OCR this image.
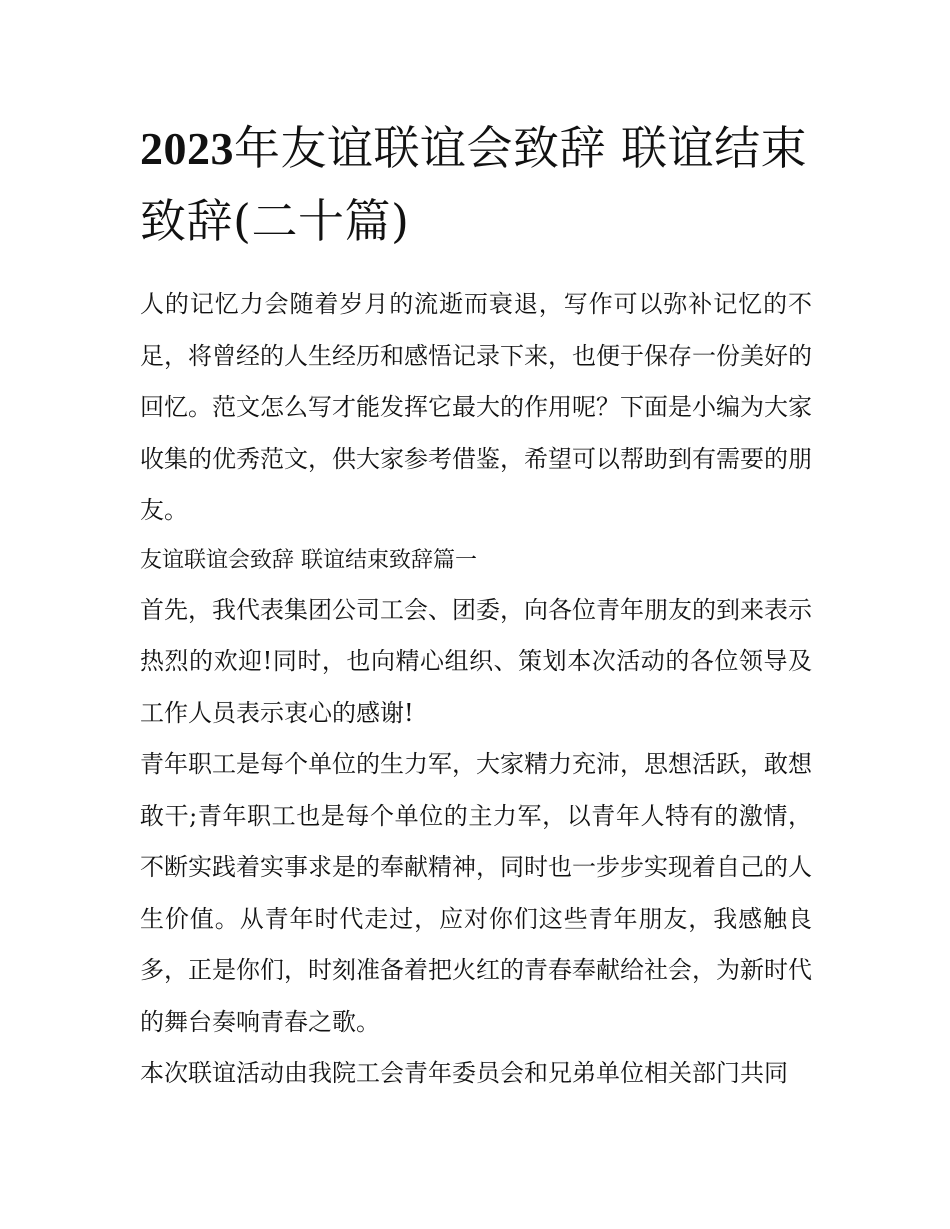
2023年友谊联谊会致辞 联谊结束致辞(二十篇)

人的记忆力会随着岁月的流逝而衰退，写作可以弥补记忆的不足，将曾经的人生经历和感悟记录下来，也便于保存一份美好的回忆。范文怎么写才能发挥它最大的作用呢？下面是小编为大家收集的优秀范文，供大家参考借鉴，希望可以帮助到有需要的朋友。

友谊联谊会致辞 联谊结束致辞篇一

首先，我代表集团公司工会、团委，向各位青年朋友的到来表示热烈的欢迎!同时，也向精心组织、策划本次活动的各位领导及工作人员表示衷心的感谢!

青年职工是每个单位的生力军，大家精力充沛，思想活跃，敢想敢干;青年职工也是每个单位的主力军，以青年人特有的激情，不断实践着实事求是的奉献精神，同时也一步步实现着自己的人生价值。从青年时代走过，应对你们这些青年朋友，我感触良多，正是你们，时刻准备着把火红的青春奉献给社会，为新时代的舞台奏响青春之歌。

本次联谊活动由我院工会青年委员会和兄弟单位相关部门共同
